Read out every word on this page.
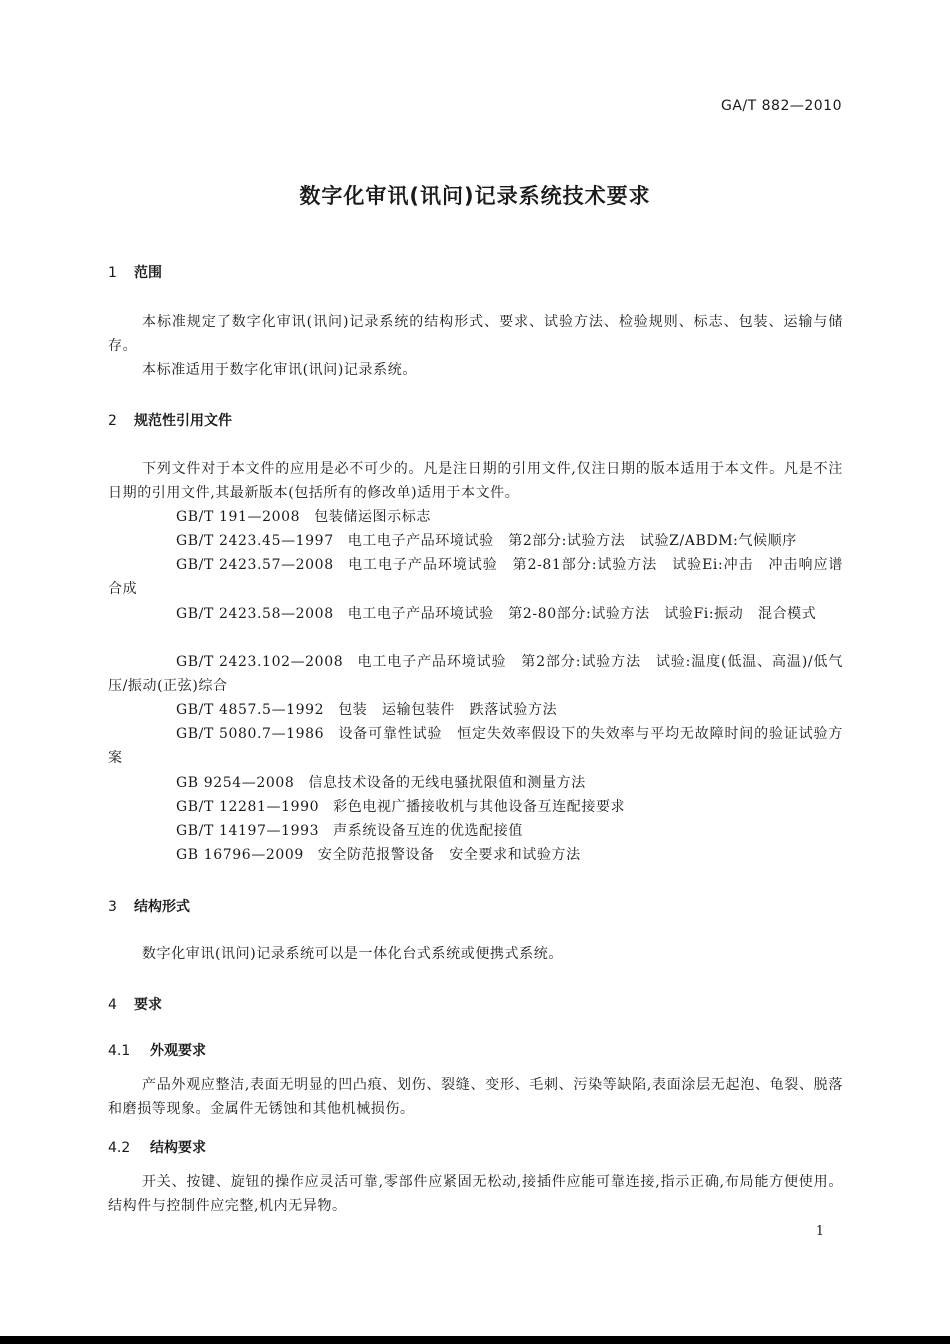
GA/T 882—2010
数字化审讯(讯问)记录系统技术要求
1 范围
本标准规定了数字化审讯(讯问)记录系统的结构形式、要求、试验方法、检验规则、标志、包装、运输与储存。
本标准适用于数字化审讯(讯问)记录系统。
2 规范性引用文件
下列文件对于本文件的应用是必不可少的。凡是注日期的引用文件,仅注日期的版本适用于本文件。凡是不注日期的引用文件,其最新版本(包括所有的修改单)适用于本文件。
GB/T 191—2008 包装储运图示标志
GB/T 2423.45—1997 电工电子产品环境试验　第2部分:试验方法　试验Z/ABDM:气候顺序
GB/T 2423.57—2008 电工电子产品环境试验　第2-81部分:试验方法　试验Ei:冲击　冲击响应谱合成
GB/T 2423.58—2008 电工电子产品环境试验　第2-80部分:试验方法　试验Fi:振动　混合模式
GB/T 2423.102—2008 电工电子产品环境试验　第2部分:试验方法　试验:温度(低温、高温)/低气压/振动(正弦)综合
GB/T 4857.5—1992 包装　运输包装件　跌落试验方法
GB/T 5080.7—1986 设备可靠性试验　恒定失效率假设下的失效率与平均无故障时间的验证试验方案
GB 9254—2008 信息技术设备的无线电骚扰限值和测量方法
GB/T 12281—1990 彩色电视广播接收机与其他设备互连配接要求
GB/T 14197—1993 声系统设备互连的优选配接值
GB 16796—2009 安全防范报警设备　安全要求和试验方法
3 结构形式
数字化审讯(讯问)记录系统可以是一体化台式系统或便携式系统。
4 要求
4.1 外观要求
产品外观应整洁,表面无明显的凹凸痕、划伤、裂缝、变形、毛刺、污染等缺陷,表面涂层无起泡、龟裂、脱落和磨损等现象。金属件无锈蚀和其他机械损伤。
4.2 结构要求
开关、按键、旋钮的操作应灵活可靠,零部件应紧固无松动,接插件应能可靠连接,指示正确,布局能方便使用。结构件与控制件应完整,机内无异物。
1
